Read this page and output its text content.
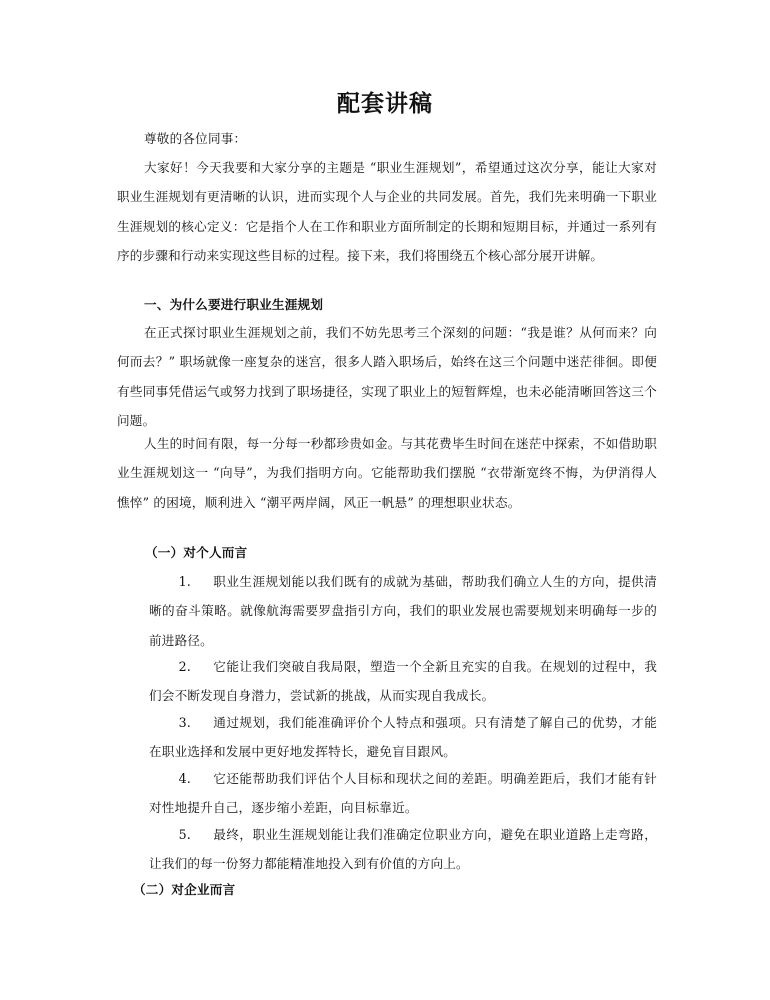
配套讲稿

尊敬的各位同事：

大家好！今天我要和大家分享的主题是 “职业生涯规划”，希望通过这次分享，能让大家对职业生涯规划有更清晰的认识，进而实现个人与企业的共同发展。首先，我们先来明确一下职业生涯规划的核心定义：它是指个人在工作和职业方面所制定的长期和短期目标，并通过一系列有序的步骤和行动来实现这些目标的过程。接下来，我们将围绕五个核心部分展开讲解。

一、为什么要进行职业生涯规划

在正式探讨职业生涯规划之前，我们不妨先思考三个深刻的问题：“我是谁？从何而来？向何而去？” 职场就像一座复杂的迷宫，很多人踏入职场后，始终在这三个问题中迷茫徘徊。即便有些同事凭借运气或努力找到了职场捷径，实现了职业上的短暂辉煌，也未必能清晰回答这三个问题。

人生的时间有限，每一分每一秒都珍贵如金。与其花费毕生时间在迷茫中探索，不如借助职业生涯规划这一 “向导”，为我们指明方向。它能帮助我们摆脱 “衣带渐宽终不悔，为伊消得人憔悴” 的困境，顺利进入 “潮平两岸阔，风正一帆悬” 的理想职业状态。

（一）对个人而言

1. 职业生涯规划能以我们既有的成就为基础，帮助我们确立人生的方向，提供清晰的奋斗策略。就像航海需要罗盘指引方向，我们的职业发展也需要规划来明确每一步的前进路径。

2. 它能让我们突破自我局限，塑造一个全新且充实的自我。在规划的过程中，我们会不断发现自身潜力，尝试新的挑战，从而实现自我成长。

3. 通过规划，我们能准确评价个人特点和强项。只有清楚了解自己的优势，才能在职业选择和发展中更好地发挥特长，避免盲目跟风。

4. 它还能帮助我们评估个人目标和现状之间的差距。明确差距后，我们才能有针对性地提升自己，逐步缩小差距，向目标靠近。

5. 最终，职业生涯规划能让我们准确定位职业方向，避免在职业道路上走弯路，让我们的每一份努力都能精准地投入到有价值的方向上。

（二）对企业而言
